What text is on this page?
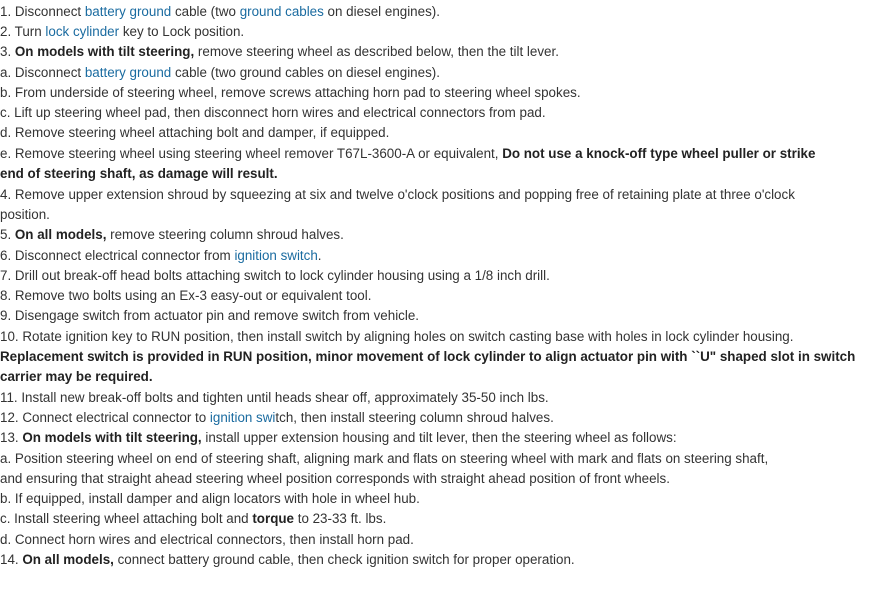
1. Disconnect battery ground cable (two ground cables on diesel engines).
2. Turn lock cylinder key to Lock position.
3. On models with tilt steering, remove steering wheel as described below, then the tilt lever.
a. Disconnect battery ground cable (two ground cables on diesel engines).
b. From underside of steering wheel, remove screws attaching horn pad to steering wheel spokes.
c. Lift up steering wheel pad, then disconnect horn wires and electrical connectors from pad.
d. Remove steering wheel attaching bolt and damper, if equipped.
e. Remove steering wheel using steering wheel remover T67L-3600-A or equivalent, Do not use a knock-off type wheel puller or strike
end of steering shaft, as damage will result.
4. Remove upper extension shroud by squeezing at six and twelve o'clock positions and popping free of retaining plate at three o'clock
position.
5. On all models, remove steering column shroud halves.
6. Disconnect electrical connector from ignition switch.
7. Drill out break-off head bolts attaching switch to lock cylinder housing using a 1/8 inch drill.
8. Remove two bolts using an Ex-3 easy-out or equivalent tool.
9. Disengage switch from actuator pin and remove switch from vehicle.
10. Rotate ignition key to RUN position, then install switch by aligning holes on switch casting base with holes in lock cylinder housing.
Replacement switch is provided in RUN position, minor movement of lock cylinder to align actuator pin with ``U" shaped slot in switch
carrier may be required.
11. Install new break-off bolts and tighten until heads shear off, approximately 35-50 inch lbs.
12. Connect electrical connector to ignition switch, then install steering column shroud halves.
13. On models with tilt steering, install upper extension housing and tilt lever, then the steering wheel as follows:
a. Position steering wheel on end of steering shaft, aligning mark and flats on steering wheel with mark and flats on steering shaft,
and ensuring that straight ahead steering wheel position corresponds with straight ahead position of front wheels.
b. If equipped, install damper and align locators with hole in wheel hub.
c. Install steering wheel attaching bolt and torque to 23-33 ft. lbs.
d. Connect horn wires and electrical connectors, then install horn pad.
14. On all models, connect battery ground cable, then check ignition switch for proper operation.
